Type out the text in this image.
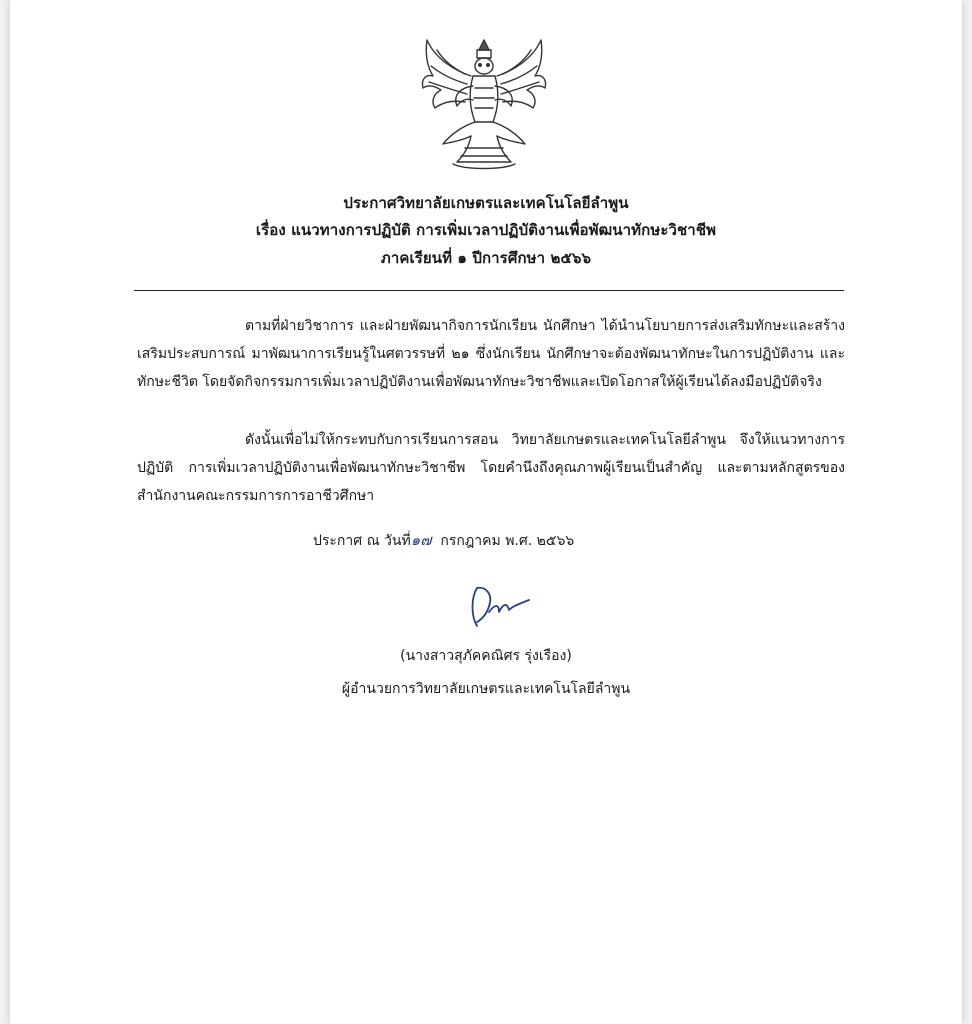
ประกาศวิทยาลัยเกษตรและเทคโนโลยีลำพูน
เรื่อง แนวทางการปฏิบัติ การเพิ่มเวลาปฏิบัติงานเพื่อพัฒนาทักษะวิชาชีพ
ภาคเรียนที่ ๑ ปีการศึกษา ๒๕๖๖

ตามที่ฝ่ายวิชาการ และฝ่ายพัฒนากิจการนักเรียน นักศึกษา ได้นำนโยบายการส่งเสริมทักษะและสร้างเสริมประสบการณ์ มาพัฒนาการเรียนรู้ในศตวรรษที่ ๒๑ ซึ่งนักเรียน นักศึกษาจะต้องพัฒนาทักษะในการปฏิบัติงาน และทักษะชีวิต โดยจัดกิจกรรมการเพิ่มเวลาปฏิบัติงานเพื่อพัฒนาทักษะวิชาชีพและเปิดโอกาสให้ผู้เรียนได้ลงมือปฏิบัติจริง

ดังนั้นเพื่อไม่ให้กระทบกับการเรียนการสอน วิทยาลัยเกษตรและเทคโนโลยีลำพูน จึงให้แนวทางการปฏิบัติ การเพิ่มเวลาปฏิบัติงานเพื่อพัฒนาทักษะวิชาชีพ โดยคำนึงถึงคุณภาพผู้เรียนเป็นสำคัญ และตามหลักสูตรของสำนักงานคณะกรรมการการอาชีวศึกษา

ประกาศ ณ วันที่๑๗ กรกฎาคม พ.ศ. ๒๕๖๖
(นางสาวสุภัคคณิศร รุ่งเรือง)
ผู้อำนวยการวิทยาลัยเกษตรและเทคโนโลยีลำพูน
